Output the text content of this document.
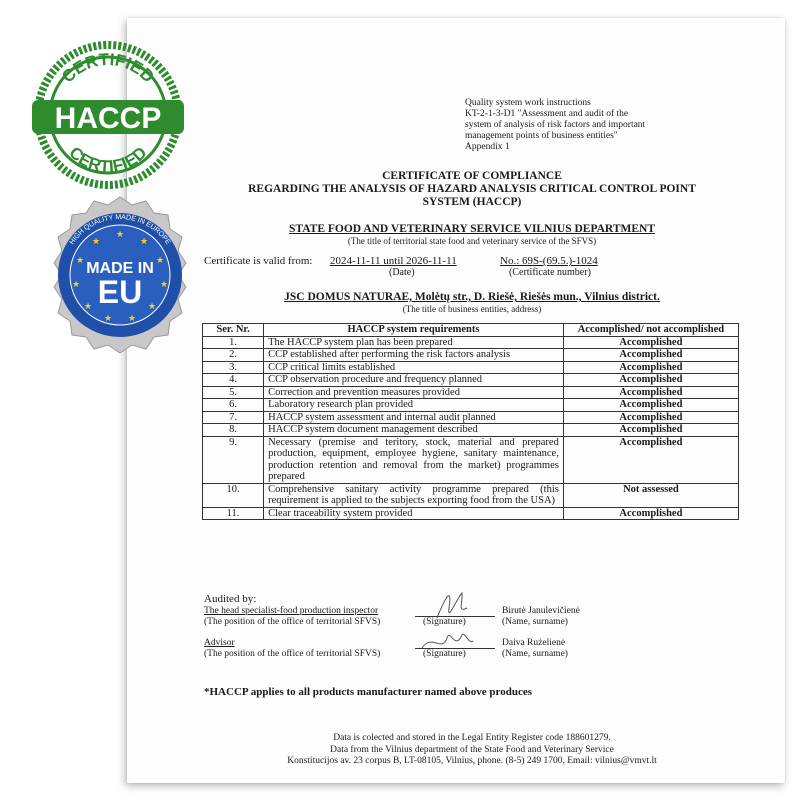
Quality system work instructions
KT-2-1-3-D1 "Assessment and audit of the
system of analysis of risk factors and important
management points of business entities"
Appendix 1
CERTIFICATE OF COMPLIANCE
REGARDING THE ANALYSIS OF HAZARD ANALYSIS CRITICAL CONTROL POINT
SYSTEM (HACCP)
STATE FOOD AND VETERINARY SERVICE VILNIUS DEPARTMENT
(The title of territorial state food and veterinary service of the SFVS)
Certificate is valid from: 2024-11-11 until 2026-11-11
(Date)
No.: 69S-(69.5.)-1024
(Certificate number)
JSC DOMUS NATURAE, Molėtų str., D. Riešė, Riešės mun., Vilnius district.
(The title of business entities, address)
Ser. Nr.	HACCP system requirements	Accomplished/ not accomplished
1.	The HACCP system plan has been prepared	Accomplished
2.	CCP established after performing the risk factors analysis	Accomplished
3.	CCP critical limits established	Accomplished
4.	CCP observation procedure and frequency planned	Accomplished
5.	Correction and prevention measures provided	Accomplished
6.	Laboratory research plan provided	Accomplished
7.	HACCP system assessment and internal audit planned	Accomplished
8.	HACCP system document management described	Accomplished
9.	Necessary (premise and teritory, stock, material and prepared production, equipment, employee hygiene, sanitary maintenance, production retention and removal from the market) programmes prepared	Accomplished
10.	Comprehensive sanitary activity programme prepared (this requirement is applied to the subjects exporting food from the USA)	Not assessed
11.	Clear traceability system provided	Accomplished
Audited by:
The head specialist-food production inspector
(The position of the office of territorial SFVS)	(Signature)
Birutė Janulevičienė
(Name, surname)
Advisor
(The position of the office of territorial SFVS)	(Signature)
Daiva Rużelienė
(Name, surname)
*HACCP applies to all products manufacturer named above produces
Data is colected and stored in the Legal Entity Register code 188601279.
Data from the Vilnius department of the State Food and Veterinary Service
Konstitucijos av. 23 corpus B, LT-08105, Vilnius, phone. (8-5) 249 1700, Email: vilnius@vmvt.lt
CERTIFIED
CERTIFIED
HACCP
HIGH QUALITY MADE IN EUROPE
★
★
★
★
★
★
★
★
★
★
★
MADE IN
EU
